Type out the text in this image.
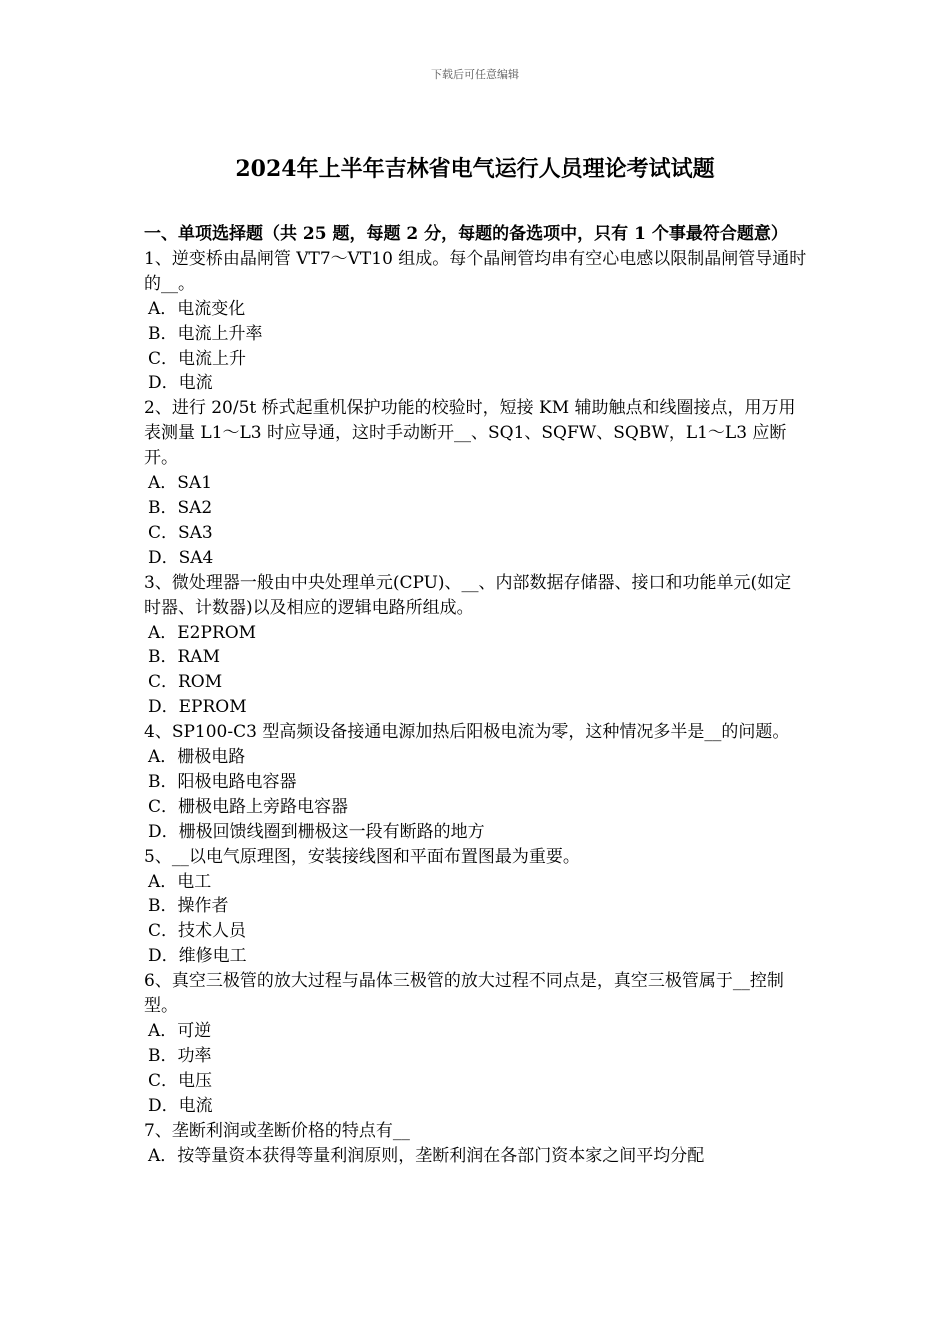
下载后可任意编辑
2024年上半年吉林省电气运行人员理论考试试题
一、单项选择题（共 25 题，每题 2 分，每题的备选项中，只有 1 个事最符合题意）
1、逆变桥由晶闸管 VT7～VT10 组成。每个晶闸管均串有空心电感以限制晶闸管导通时的__。
A．电流变化
B．电流上升率
C．电流上升
D．电流
2、进行 20/5t 桥式起重机保护功能的校验时，短接 KM 辅助触点和线圈接点，用万用表测量 L1～L3 时应导通，这时手动断开__、SQ1、SQFW、SQBW，L1～L3 应断开。
A．SA1
B．SA2
C．SA3
D．SA4
3、微处理器一般由中央处理单元(CPU)、__、内部数据存储器、接口和功能单元(如定时器、计数器)以及相应的逻辑电路所组成。
A．E2PROM
B．RAM
C．ROM
D．EPROM
4、SP100-C3 型高频设备接通电源加热后阳极电流为零，这种情况多半是__的问题。
A．栅极电路
B．阳极电路电容器
C．栅极电路上旁路电容器
D．栅极回馈线圈到栅极这一段有断路的地方
5、__以电气原理图，安装接线图和平面布置图最为重要。
A．电工
B．操作者
C．技术人员
D．维修电工
6、真空三极管的放大过程与晶体三极管的放大过程不同点是，真空三极管属于__控制型。
A．可逆
B．功率
C．电压
D．电流
7、垄断利润或垄断价格的特点有__
A．按等量资本获得等量利润原则，垄断利润在各部门资本家之间平均分配
